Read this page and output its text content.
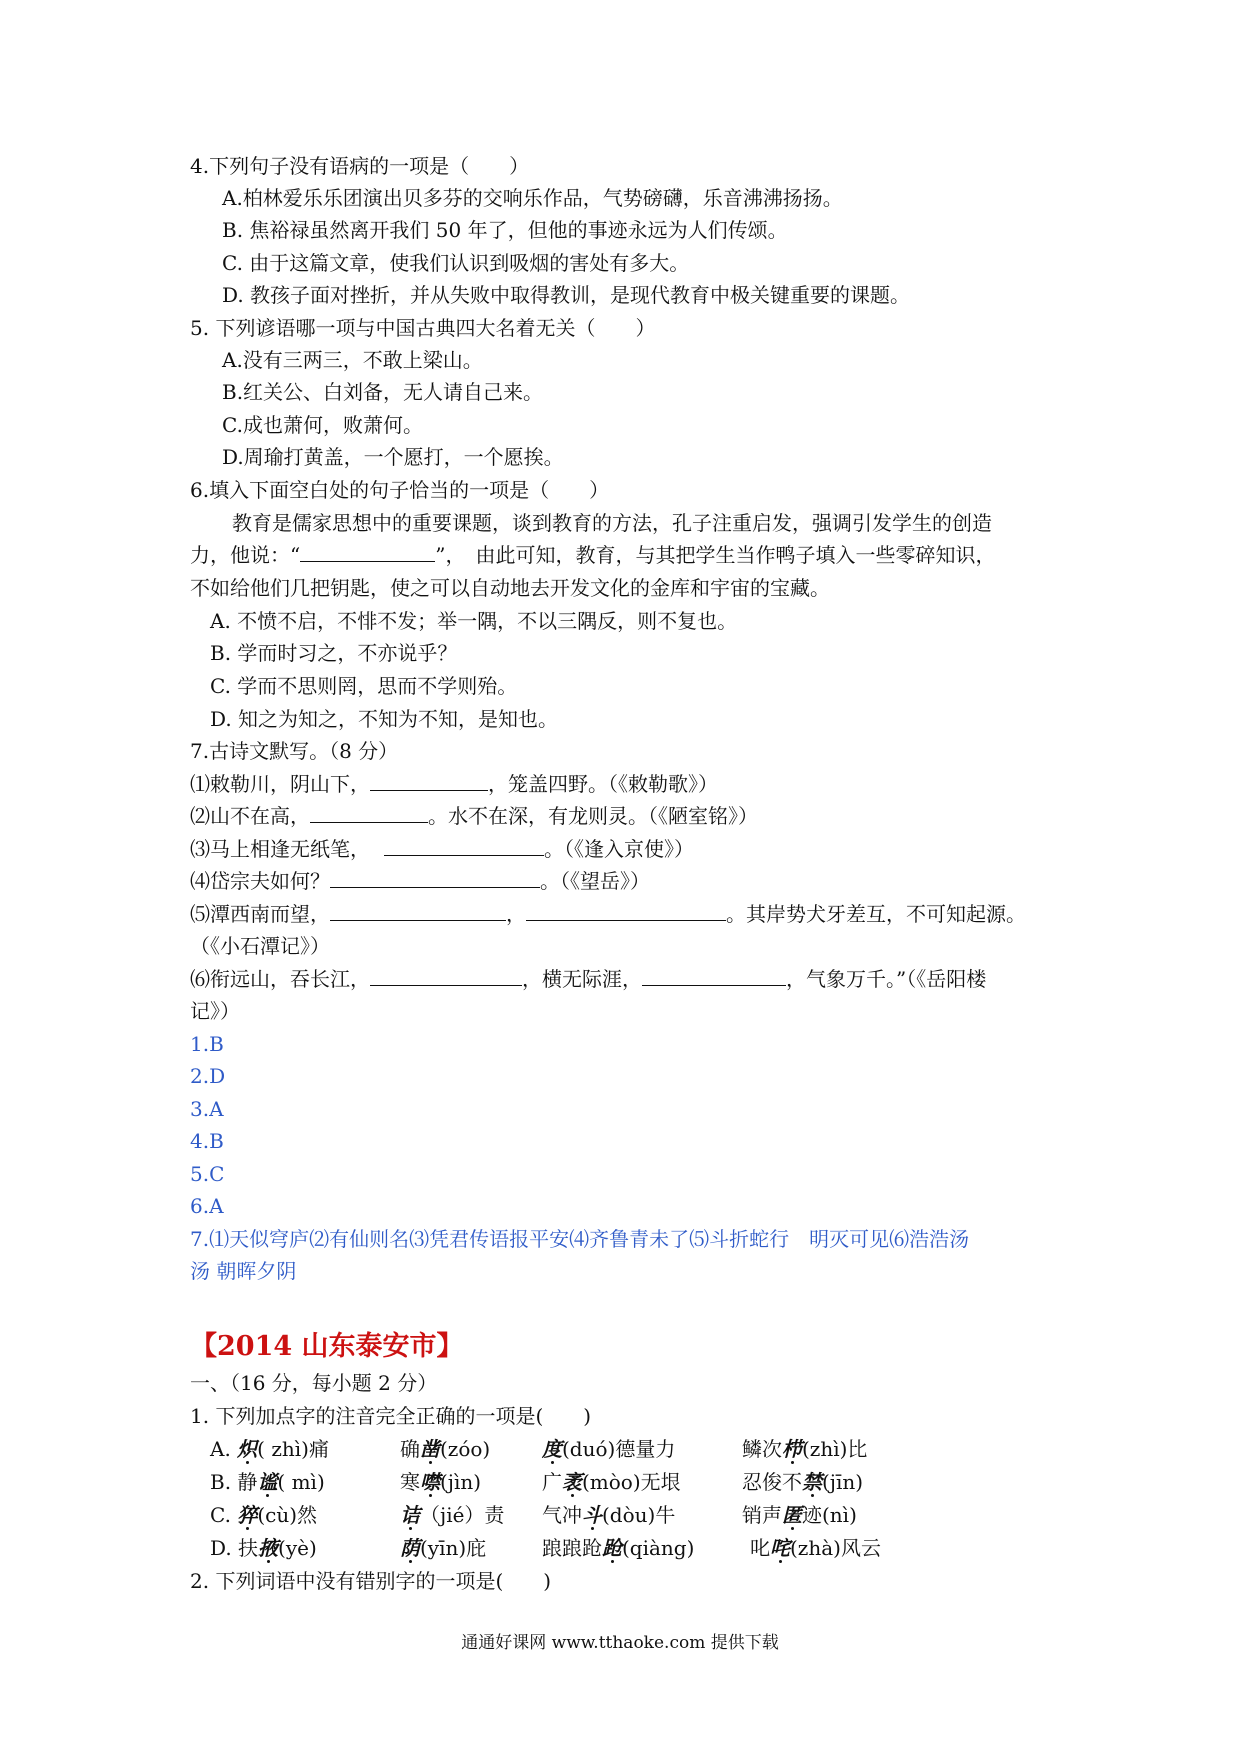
4.下列句子没有语病的一项是（　　）
A.柏林爱乐乐团演出贝多芬的交响乐作品，气势磅礴，乐音沸沸扬扬。
B. 焦裕禄虽然离开我们 50 年了，但他的事迹永远为人们传颂。
C. 由于这篇文章，使我们认识到吸烟的害处有多大。
D. 教孩子面对挫折，并从失败中取得教训，是现代教育中极关键重要的课题。
5. 下列谚语哪一项与中国古典四大名着无关（　　）
A.没有三两三，不敢上梁山。
B.红关公、白刘备，无人请自己来。
C.成也萧何，败萧何。
D.周瑜打黄盖，一个愿打，一个愿挨。
6.填入下面空白处的句子恰当的一项是（　　）
教育是儒家思想中的重要课题，谈到教育的方法，孔子注重启发，强调引发学生的创造
力，他说：“	”，　由此可知，教育，与其把学生当作鸭子填入一些零碎知识，
不如给他们几把钥匙，使之可以自动地去开发文化的金库和宇宙的宝藏。
A. 不愤不启，不悱不发；举一隅，不以三隅反，则不复也。
B. 学而时习之，不亦说乎？
C. 学而不思则罔，思而不学则殆。
D. 知之为知之，不知为不知，是知也。
7.古诗文默写。（8 分）
⑴敕勒川，阴山下，	，笼盖四野。（《敕勒歌》）
⑵山不在高，	。水不在深，有龙则灵。（《陋室铭》）
⑶马上相逢无纸笔，	。（《逢入京使》）
⑷岱宗夫如何？	。（《望岳》）
⑸潭西南而望，	，	。其岸势犬牙差互，不可知起源。
（《小石潭记》）
⑹衔远山，吞长江，	，横无际涯，	，气象万千。”（《岳阳楼
记》）
1.B
2.D
3.A
4.B
5.C
6.A
7.⑴天似穹庐⑵有仙则名⑶凭君传语报平安⑷齐鲁青未了⑸斗折蛇行　明灭可见⑹浩浩汤
汤 朝晖夕阴
【2014 山东泰安市】
一、（16 分，每小题 2 分）
1. 下列加点字的注音完全正确的一项是(　　)
A. 炽( zhì)痛	确凿(zóo)	度(duó)德量力	鳞次栉(zhì)比
B. 静谧( mì)	寒噤(jìn)	广袤(mòo)无垠	忍俊不禁(jīn)
C. 猝(cù)然	诘（jié）责 气冲斗(dòu)牛	销声匿迹(nì)
D. 扶掖(yè)	荫(yīn)庇	踉踉跄跄(qiàng)	叱咤(zhà)风云
2. 下列词语中没有错别字的一项是(　　)
通通好课网 www.tthaoke.com 提供下载
